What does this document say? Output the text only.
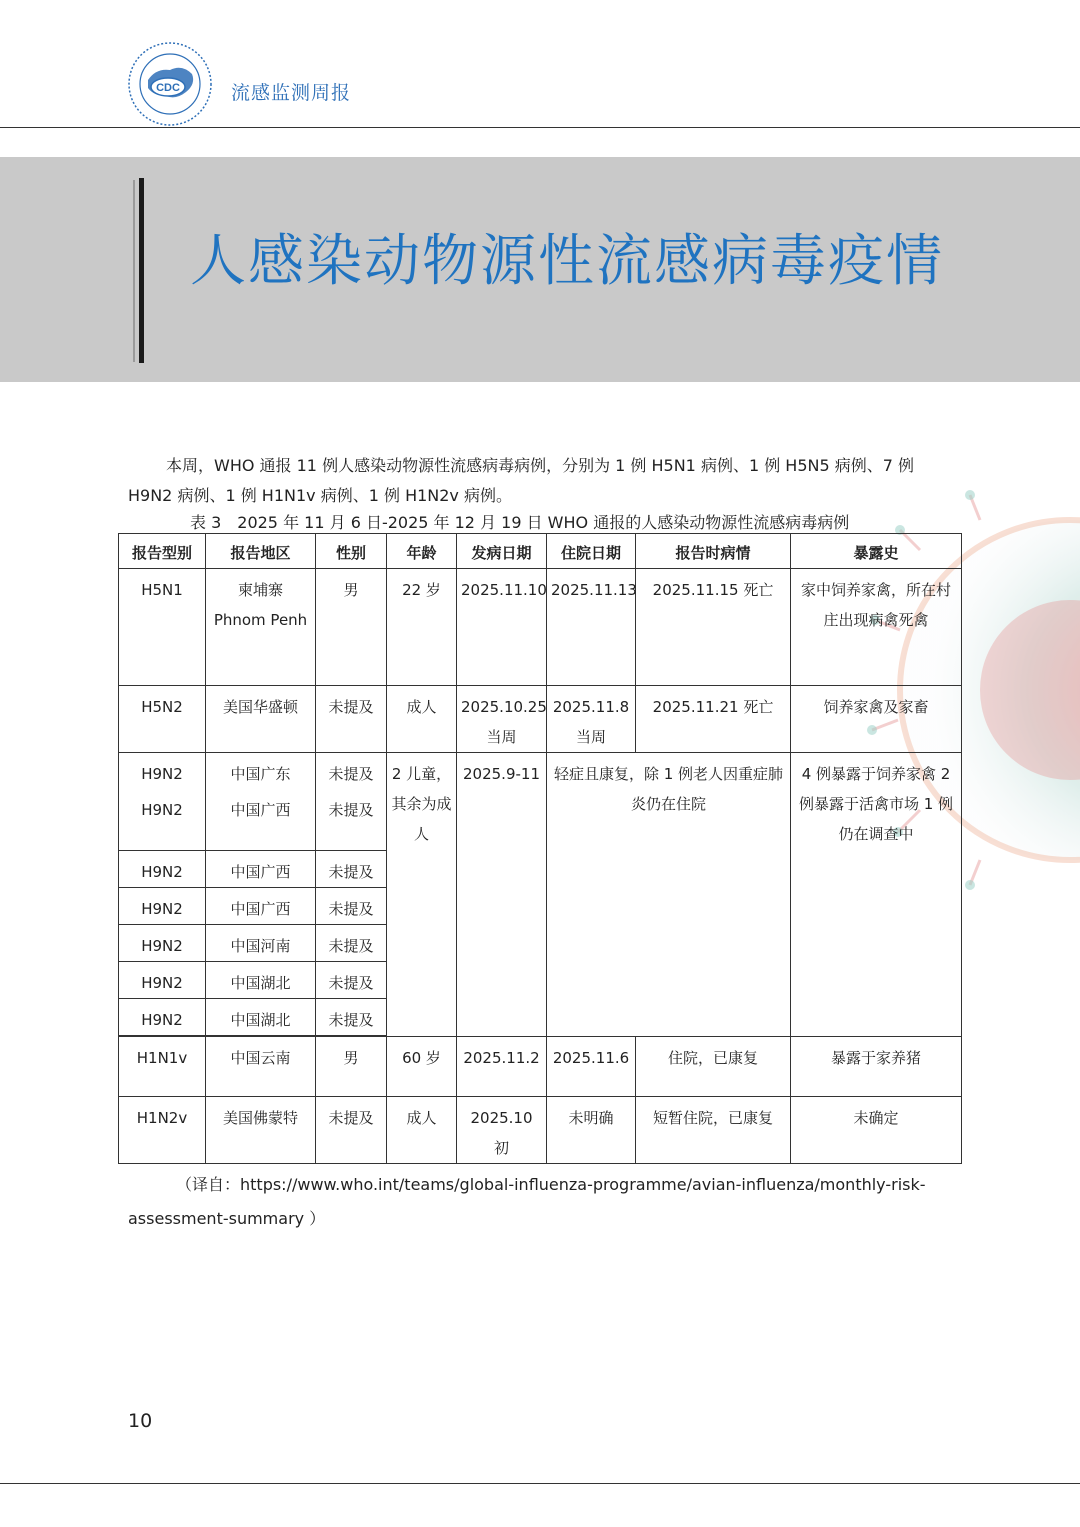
CDC	流感监测周报
人感染动物源性流感病毒疫情
本周，WHO 通报 11 例人感染动物源性流感病毒病例，分别为 1 例 H5N1 病例、1 例 H5N5 病例、7 例 H9N2 病例、1 例 H1N1v 病例、1 例 H1N2v 病例。
表 3　2025 年 11 月 6 日-2025 年 12 月 19 日 WHO 通报的人感染动物源性流感病毒病例
报告型别	报告地区	性别	年龄	发病日期	住院日期	报告时病情	暴露史
H5N1	柬埔寨 Phnom Penh	男	22 岁	2025.11.10	2025.11.13	2025.11.15 死亡	家中饲养家禽，所在村庄出现病禽死禽
H5N2	美国华盛顿	未提及	成人	2025.10.25 当周	2025.11.8 当周	2025.11.21 死亡	饲养家禽及家畜
H9N2	中国广东	未提及	2 儿童，其余为成人	2025.9-11	轻症且康复，除 1 例老人因重症肺炎仍在住院		4 例暴露于饲养家禽 2 例暴露于活禽市场 1 例仍在调查中
H9N2	中国广西	未提及					
H9N2	中国广西	未提及					
H9N2	中国广西	未提及					
H9N2	中国河南	未提及					
H9N2	中国湖北	未提及					
H9N2	中国湖北	未提及					

H1N1v	中国云南	男	60 岁	2025.11.2	2025.11.6	住院，已康复	暴露于家养猪
H1N2v	美国佛蒙特	未提及	成人	2025.10 初	未明确	短暂住院，已康复	未确定
（译自：https://www.who.int/teams/global-influenza-programme/avian-influenza/monthly-risk-assessment-summary ）
10
